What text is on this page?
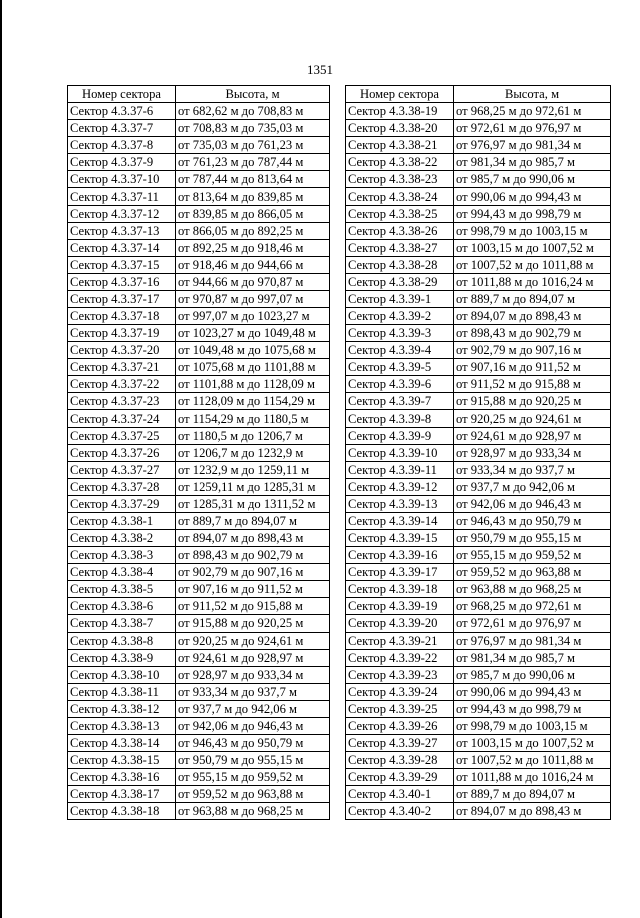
1351
Номер сектора	Высота, м
Сектор 4.3.37-6	от 682,62 м до 708,83 м
Сектор 4.3.37-7	от 708,83 м до 735,03 м
Сектор 4.3.37-8	от 735,03 м до 761,23 м
Сектор 4.3.37-9	от 761,23 м до 787,44 м
Сектор 4.3.37-10	от 787,44 м до 813,64 м
Сектор 4.3.37-11	от 813,64 м до 839,85 м
Сектор 4.3.37-12	от 839,85 м до 866,05 м
Сектор 4.3.37-13	от 866,05 м до 892,25 м
Сектор 4.3.37-14	от 892,25 м до 918,46 м
Сектор 4.3.37-15	от 918,46 м до 944,66 м
Сектор 4.3.37-16	от 944,66 м до 970,87 м
Сектор 4.3.37-17	от 970,87 м до 997,07 м
Сектор 4.3.37-18	от 997,07 м до 1023,27 м
Сектор 4.3.37-19	от 1023,27 м до 1049,48 м
Сектор 4.3.37-20	от 1049,48 м до 1075,68 м
Сектор 4.3.37-21	от 1075,68 м до 1101,88 м
Сектор 4.3.37-22	от 1101,88 м до 1128,09 м
Сектор 4.3.37-23	от 1128,09 м до 1154,29 м
Сектор 4.3.37-24	от 1154,29 м до 1180,5 м
Сектор 4.3.37-25	от 1180,5 м до 1206,7 м
Сектор 4.3.37-26	от 1206,7 м до 1232,9 м
Сектор 4.3.37-27	от 1232,9 м до 1259,11 м
Сектор 4.3.37-28	от 1259,11 м до 1285,31 м
Сектор 4.3.37-29	от 1285,31 м до 1311,52 м
Сектор 4.3.38-1	от 889,7 м до 894,07 м
Сектор 4.3.38-2	от 894,07 м до 898,43 м
Сектор 4.3.38-3	от 898,43 м до 902,79 м
Сектор 4.3.38-4	от 902,79 м до 907,16 м
Сектор 4.3.38-5	от 907,16 м до 911,52 м
Сектор 4.3.38-6	от 911,52 м до 915,88 м
Сектор 4.3.38-7	от 915,88 м до 920,25 м
Сектор 4.3.38-8	от 920,25 м до 924,61 м
Сектор 4.3.38-9	от 924,61 м до 928,97 м
Сектор 4.3.38-10	от 928,97 м до 933,34 м
Сектор 4.3.38-11	от 933,34 м до 937,7 м
Сектор 4.3.38-12	от 937,7 м до 942,06 м
Сектор 4.3.38-13	от 942,06 м до 946,43 м
Сектор 4.3.38-14	от 946,43 м до 950,79 м
Сектор 4.3.38-15	от 950,79 м до 955,15 м
Сектор 4.3.38-16	от 955,15 м до 959,52 м
Сектор 4.3.38-17	от 959,52 м до 963,88 м
Сектор 4.3.38-18	от 963,88 м до 968,25 м
Номер сектора	Высота, м
Сектор 4.3.38-19	от 968,25 м до 972,61 м
Сектор 4.3.38-20	от 972,61 м до 976,97 м
Сектор 4.3.38-21	от 976,97 м до 981,34 м
Сектор 4.3.38-22	от 981,34 м до 985,7 м
Сектор 4.3.38-23	от 985,7 м до 990,06 м
Сектор 4.3.38-24	от 990,06 м до 994,43 м
Сектор 4.3.38-25	от 994,43 м до 998,79 м
Сектор 4.3.38-26	от 998,79 м до 1003,15 м
Сектор 4.3.38-27	от 1003,15 м до 1007,52 м
Сектор 4.3.38-28	от 1007,52 м до 1011,88 м
Сектор 4.3.38-29	от 1011,88 м до 1016,24 м
Сектор 4.3.39-1	от 889,7 м до 894,07 м
Сектор 4.3.39-2	от 894,07 м до 898,43 м
Сектор 4.3.39-3	от 898,43 м до 902,79 м
Сектор 4.3.39-4	от 902,79 м до 907,16 м
Сектор 4.3.39-5	от 907,16 м до 911,52 м
Сектор 4.3.39-6	от 911,52 м до 915,88 м
Сектор 4.3.39-7	от 915,88 м до 920,25 м
Сектор 4.3.39-8	от 920,25 м до 924,61 м
Сектор 4.3.39-9	от 924,61 м до 928,97 м
Сектор 4.3.39-10	от 928,97 м до 933,34 м
Сектор 4.3.39-11	от 933,34 м до 937,7 м
Сектор 4.3.39-12	от 937,7 м до 942,06 м
Сектор 4.3.39-13	от 942,06 м до 946,43 м
Сектор 4.3.39-14	от 946,43 м до 950,79 м
Сектор 4.3.39-15	от 950,79 м до 955,15 м
Сектор 4.3.39-16	от 955,15 м до 959,52 м
Сектор 4.3.39-17	от 959,52 м до 963,88 м
Сектор 4.3.39-18	от 963,88 м до 968,25 м
Сектор 4.3.39-19	от 968,25 м до 972,61 м
Сектор 4.3.39-20	от 972,61 м до 976,97 м
Сектор 4.3.39-21	от 976,97 м до 981,34 м
Сектор 4.3.39-22	от 981,34 м до 985,7 м
Сектор 4.3.39-23	от 985,7 м до 990,06 м
Сектор 4.3.39-24	от 990,06 м до 994,43 м
Сектор 4.3.39-25	от 994,43 м до 998,79 м
Сектор 4.3.39-26	от 998,79 м до 1003,15 м
Сектор 4.3.39-27	от 1003,15 м до 1007,52 м
Сектор 4.3.39-28	от 1007,52 м до 1011,88 м
Сектор 4.3.39-29	от 1011,88 м до 1016,24 м
Сектор 4.3.40-1	от 889,7 м до 894,07 м
Сектор 4.3.40-2	от 894,07 м до 898,43 м
